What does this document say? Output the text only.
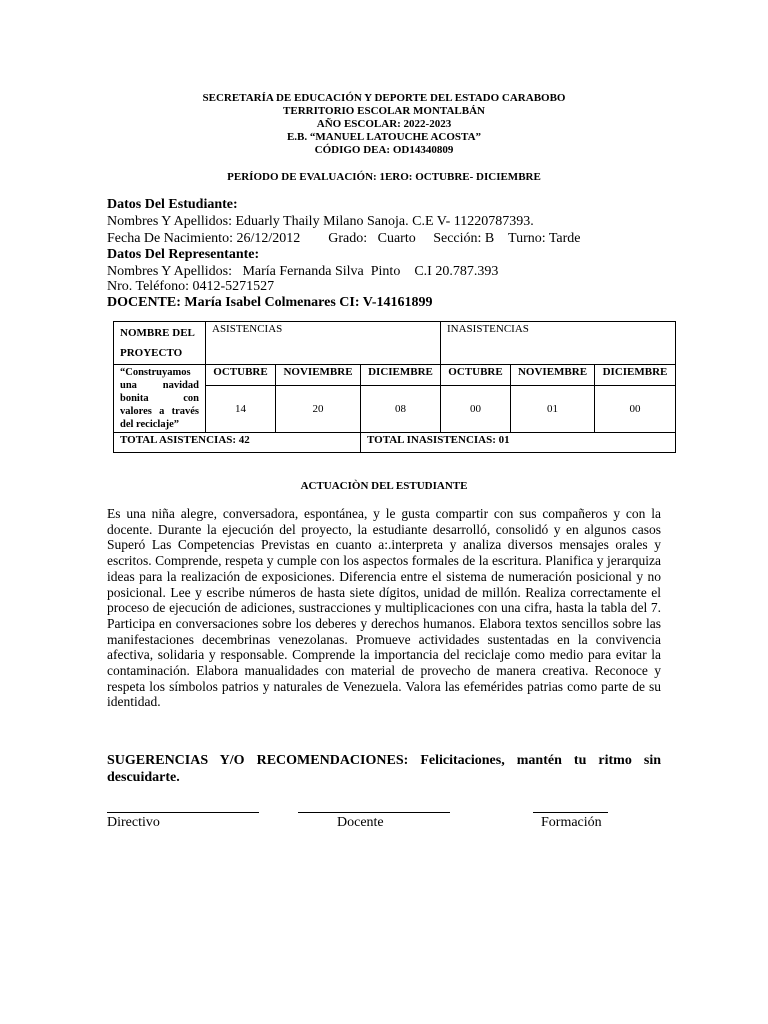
SECRETARÍA DE EDUCACIÓN Y DEPORTE DEL ESTADO CARABOBO
TERRITORIO ESCOLAR MONTALBÁN
AÑO ESCOLAR: 2022-2023
E.B. “MANUEL LATOUCHE ACOSTA”
CÓDIGO DEA: OD14340809
PERÍODO DE EVALUACIÓN: 1ERO: OCTUBRE- DICIEMBRE
Datos Del Estudiante:
Nombres Y Apellidos: Eduarly Thaily Milano Sanoja. C.E V- 11220787393.
Fecha De Nacimiento: 26/12/2012        Grado:   Cuarto     Sección: B    Turno: Tarde
Datos Del Representante:
Nombres Y Apellidos:   María Fernanda Silva  Pinto    C.I 20.787.393
Nro. Teléfono: 0412-5271527
DOCENTE: María Isabel Colmenares CI: V-14161899
NOMBRE DEL PROYECTO	ASISTENCIAS			INASISTENCIAS		
“Construyamos una navidad bonita con valores a través del reciclaje”	OCTUBRE	NOVIEMBRE	DICIEMBRE	OCTUBRE	NOVIEMBRE	DICIEMBRE
	14	20	08	00	01	00
TOTAL ASISTENCIAS: 42			TOTAL INASISTENCIAS: 01			
ACTUACIÒN DEL ESTUDIANTE
Es una niña alegre, conversadora, espontánea, y le gusta compartir con sus compañeros y con la docente. Durante la ejecución del proyecto, la estudiante desarrolló, consolidó y en algunos casos Superó Las Competencias Previstas en cuanto a:.interpreta y analiza diversos mensajes orales y escritos. Comprende, respeta y cumple con los aspectos formales de la escritura. Planifica y jerarquiza ideas para la realización de exposiciones. Diferencia entre el sistema de numeración posicional y no posicional. Lee y escribe números de hasta siete dígitos, unidad de millón. Realiza correctamente el proceso de ejecución de adiciones, sustracciones y multiplicaciones con una cifra, hasta la tabla del 7. Participa en conversaciones sobre los deberes y derechos humanos. Elabora textos sencillos sobre las manifestaciones decembrinas venezolanas. Promueve actividades sustentadas en la convivencia afectiva, solidaria y responsable. Comprende la importancia del reciclaje como medio para evitar la contaminación. Elabora manualidades con material de provecho de manera creativa. Reconoce y respeta los símbolos patrios y naturales de Venezuela. Valora las efemérides patrias como parte de su identidad.
SUGERENCIAS Y/O RECOMENDACIONES: Felicitaciones, mantén tu ritmo sin descuidarte.
Directivo	Docente	Formación
